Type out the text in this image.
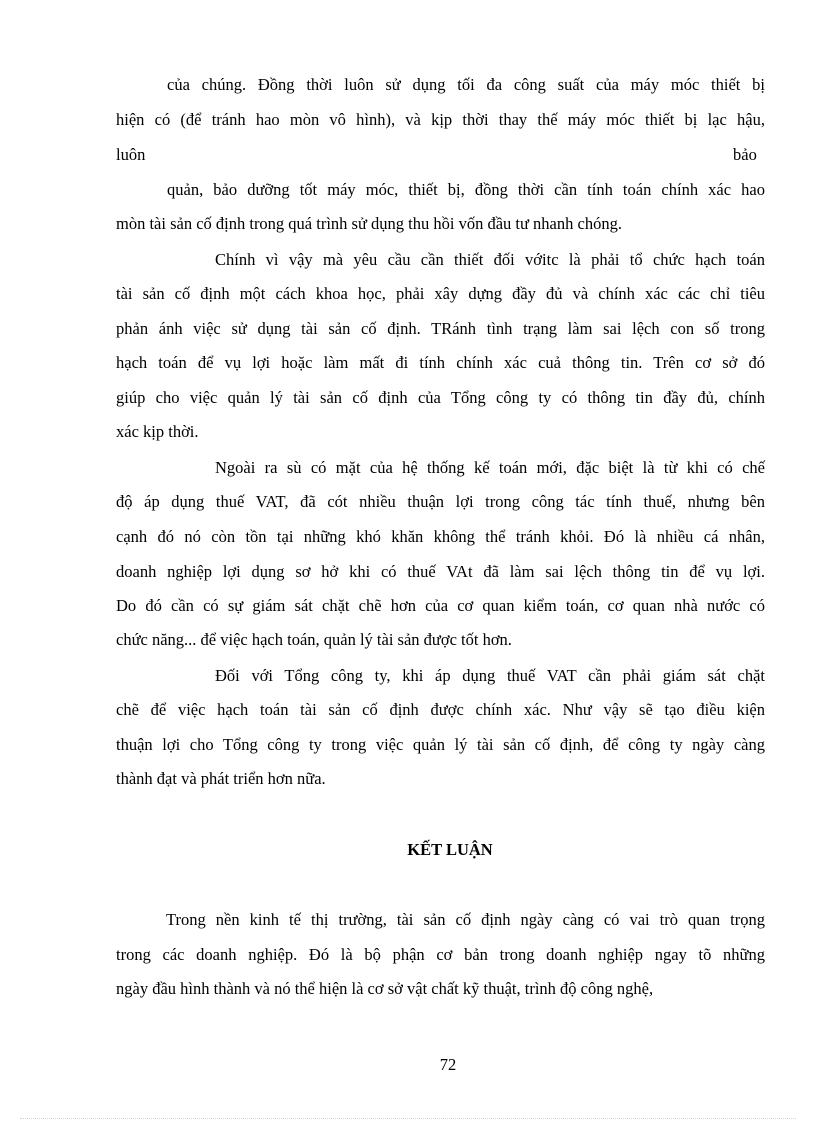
của chúng. Đồng thời luôn sử dụng tối đa công suất của máy móc thiết bị
hiện có (để tránh hao mòn vô hình), và kịp thời thay thế máy móc thiết bị lạc hậu,
luôn	bảo
quản, bảo dưỡng tốt máy móc, thiết bị, đồng thời cần tính toán chính xác hao
mòn tài sản cố định trong quá trình sử dụng thu hồi vốn đầu tư nhanh chóng.
Chính vì vậy mà yêu cầu cần thiết đối vớitc là phải tổ chức hạch toán
tài sản cố định một cách khoa học, phải xây dựng đầy đủ và chính xác các chỉ tiêu
phản ánh việc sử dụng tài sản cố định. TRánh tình trạng làm sai lệch con số trong
hạch toán để vụ lợi hoặc làm mất đi tính chính xác cuả thông tin. Trên cơ sở đó
giúp cho việc quản lý tài sản cố định của Tổng công ty có thông tin đầy đủ, chính
xác kịp thời.
Ngoài ra sù có mặt của hệ thống kế toán mới, đặc biệt là từ khi có chế
độ áp dụng thuế VAT, đã cót nhiều thuận lợi trong công tác tính thuế, nhưng bên
cạnh đó nó còn tồn tại những khó khăn không thể tránh khỏi. Đó là nhiều cá nhân,
doanh nghiệp lợi dụng sơ hở khi có thuế VAt đã làm sai lệch thông tin để vụ lợi.
Do đó cần có sự giám sát chặt chẽ hơn của cơ quan kiểm toán, cơ quan nhà nước có
chức năng... để việc hạch toán, quản lý tài sản được tốt hơn.
Đối với Tổng công ty, khi áp dụng thuế VAT cần phải giám sát chặt
chẽ để việc hạch toán tài sản cố định được chính xác. Như vậy sẽ tạo điều kiện
thuận lợi cho Tổng công ty trong việc quản lý tài sản cố định, để công ty ngày càng
thành đạt và phát triển hơn nữa.
KẾT LUẬN
Trong nền kinh tế thị trường, tài sản cố định ngày càng có vai trò quan trọng
trong các doanh nghiệp. Đó là bộ phận cơ bản trong doanh nghiệp ngay tõ những
ngày đầu hình thành và nó thể hiện là cơ sở vật chất kỹ thuật, trình độ công nghệ,
72
